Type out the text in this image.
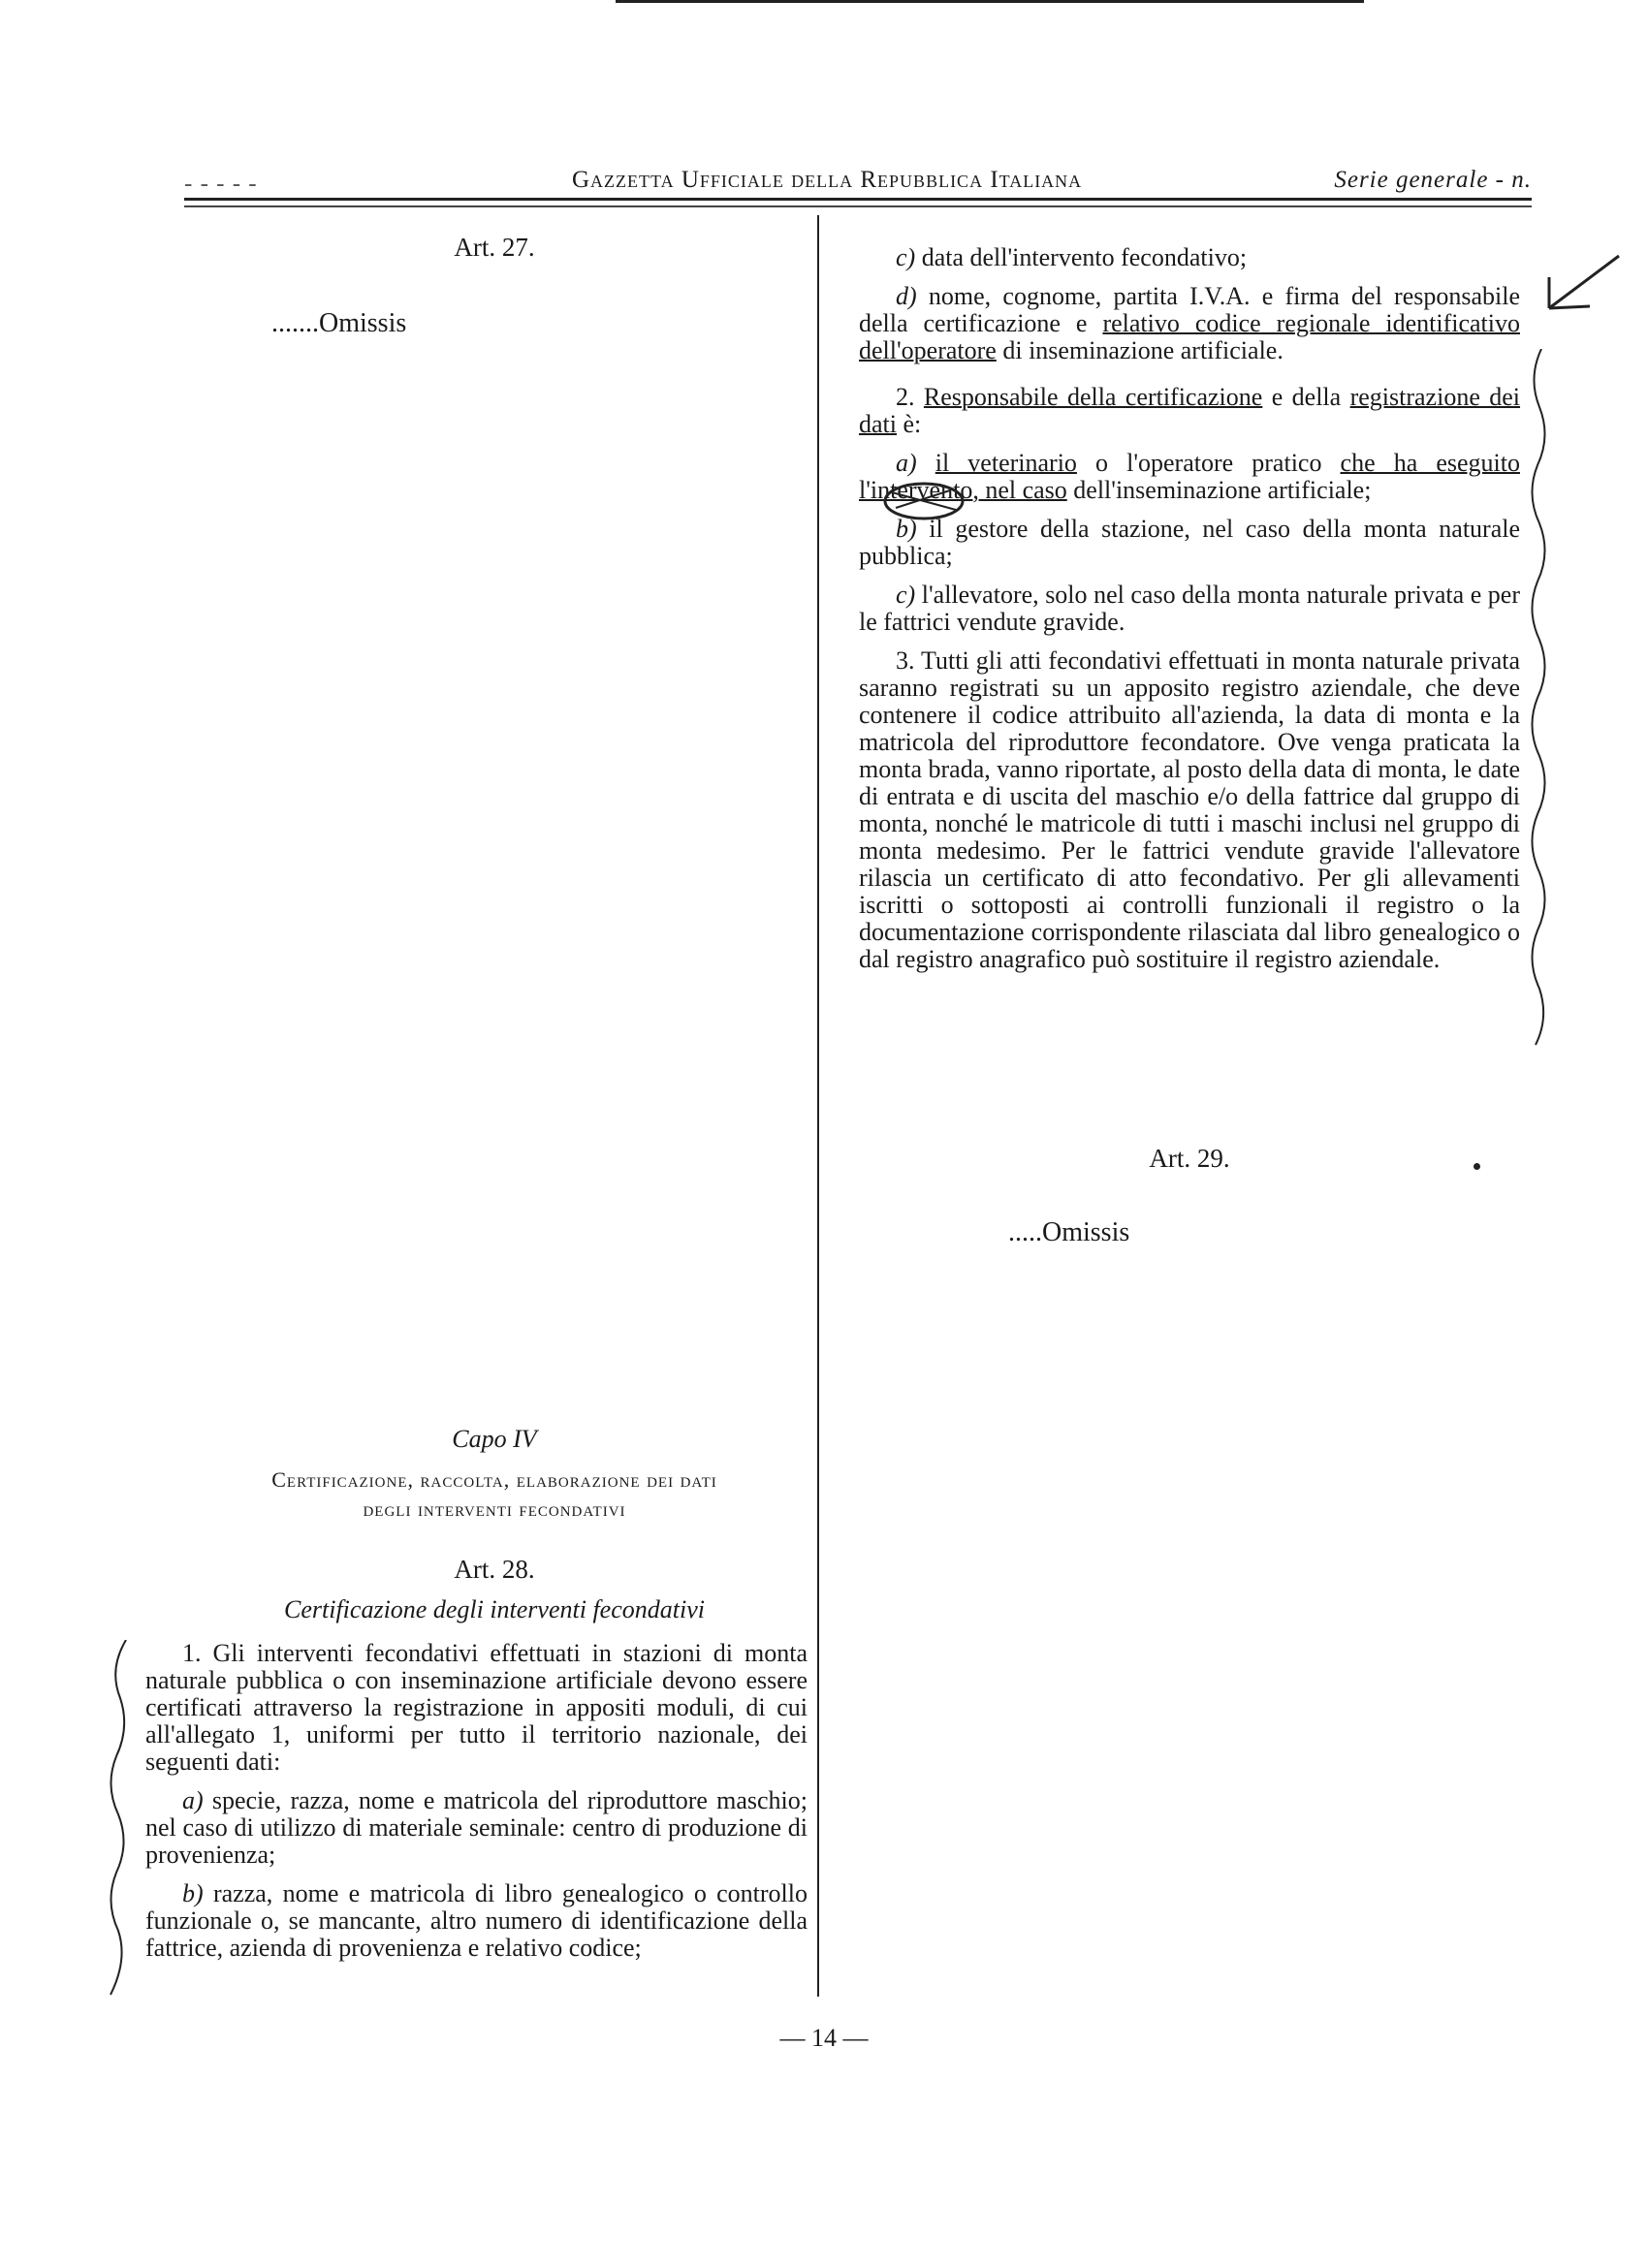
- - - - -	Gazzetta Ufficiale della Repubblica Italiana	Serie generale - n.
Art. 27.
.......Omissis
Capo IV
Certificazione, raccolta, elaborazione dei dati
degli interventi fecondativi
Art. 28.
Certificazione degli interventi fecondativi

1. Gli interventi fecondativi effettuati in stazioni di monta naturale pubblica o con inseminazione artificiale devono essere certificati attraverso la registrazione in appositi moduli, di cui all'allegato 1, uniformi per tutto il territorio nazionale, dei seguenti dati:

a) specie, razza, nome e matricola del riproduttore maschio; nel caso di utilizzo di materiale seminale: centro di produzione di provenienza;

b) razza, nome e matricola di libro genealogico o controllo funzionale o, se mancante, altro numero di identificazione della fattrice, azienda di provenienza e relativo codice;

c) data dell'intervento fecondativo;

d) nome, cognome, partita I.V.A. e firma del responsabile della certificazione e relativo codice regionale identificativo dell'operatore di inseminazione artificiale.

2. Responsabile della certificazione e della registrazione dei dati è:

a) il veterinario o l'operatore pratico che ha eseguito l'intervento, nel caso dell'inseminazione artificiale;

b) il gestore della stazione, nel caso della monta naturale pubblica;

c) l'allevatore, solo nel caso della monta naturale privata e per le fattrici vendute gravide.

3. Tutti gli atti fecondativi effettuati in monta naturale privata saranno registrati su un apposito registro aziendale, che deve contenere il codice attribuito all'azienda, la data di monta e la matricola del riproduttore fecondatore. Ove venga praticata la monta brada, vanno riportate, al posto della data di monta, le date di entrata e di uscita del maschio e/o della fattrice dal gruppo di monta, nonché le matricole di tutti i maschi inclusi nel gruppo di monta medesimo. Per le fattrici vendute gravide l'allevatore rilascia un certificato di atto fecondativo. Per gli allevamenti iscritti o sottoposti ai controlli funzionali il registro o la documentazione corrispondente rilasciata dal libro genealogico o dal registro anagrafico può sostituire il registro aziendale.

Art. 29.
.....Omissis
— 14 —
